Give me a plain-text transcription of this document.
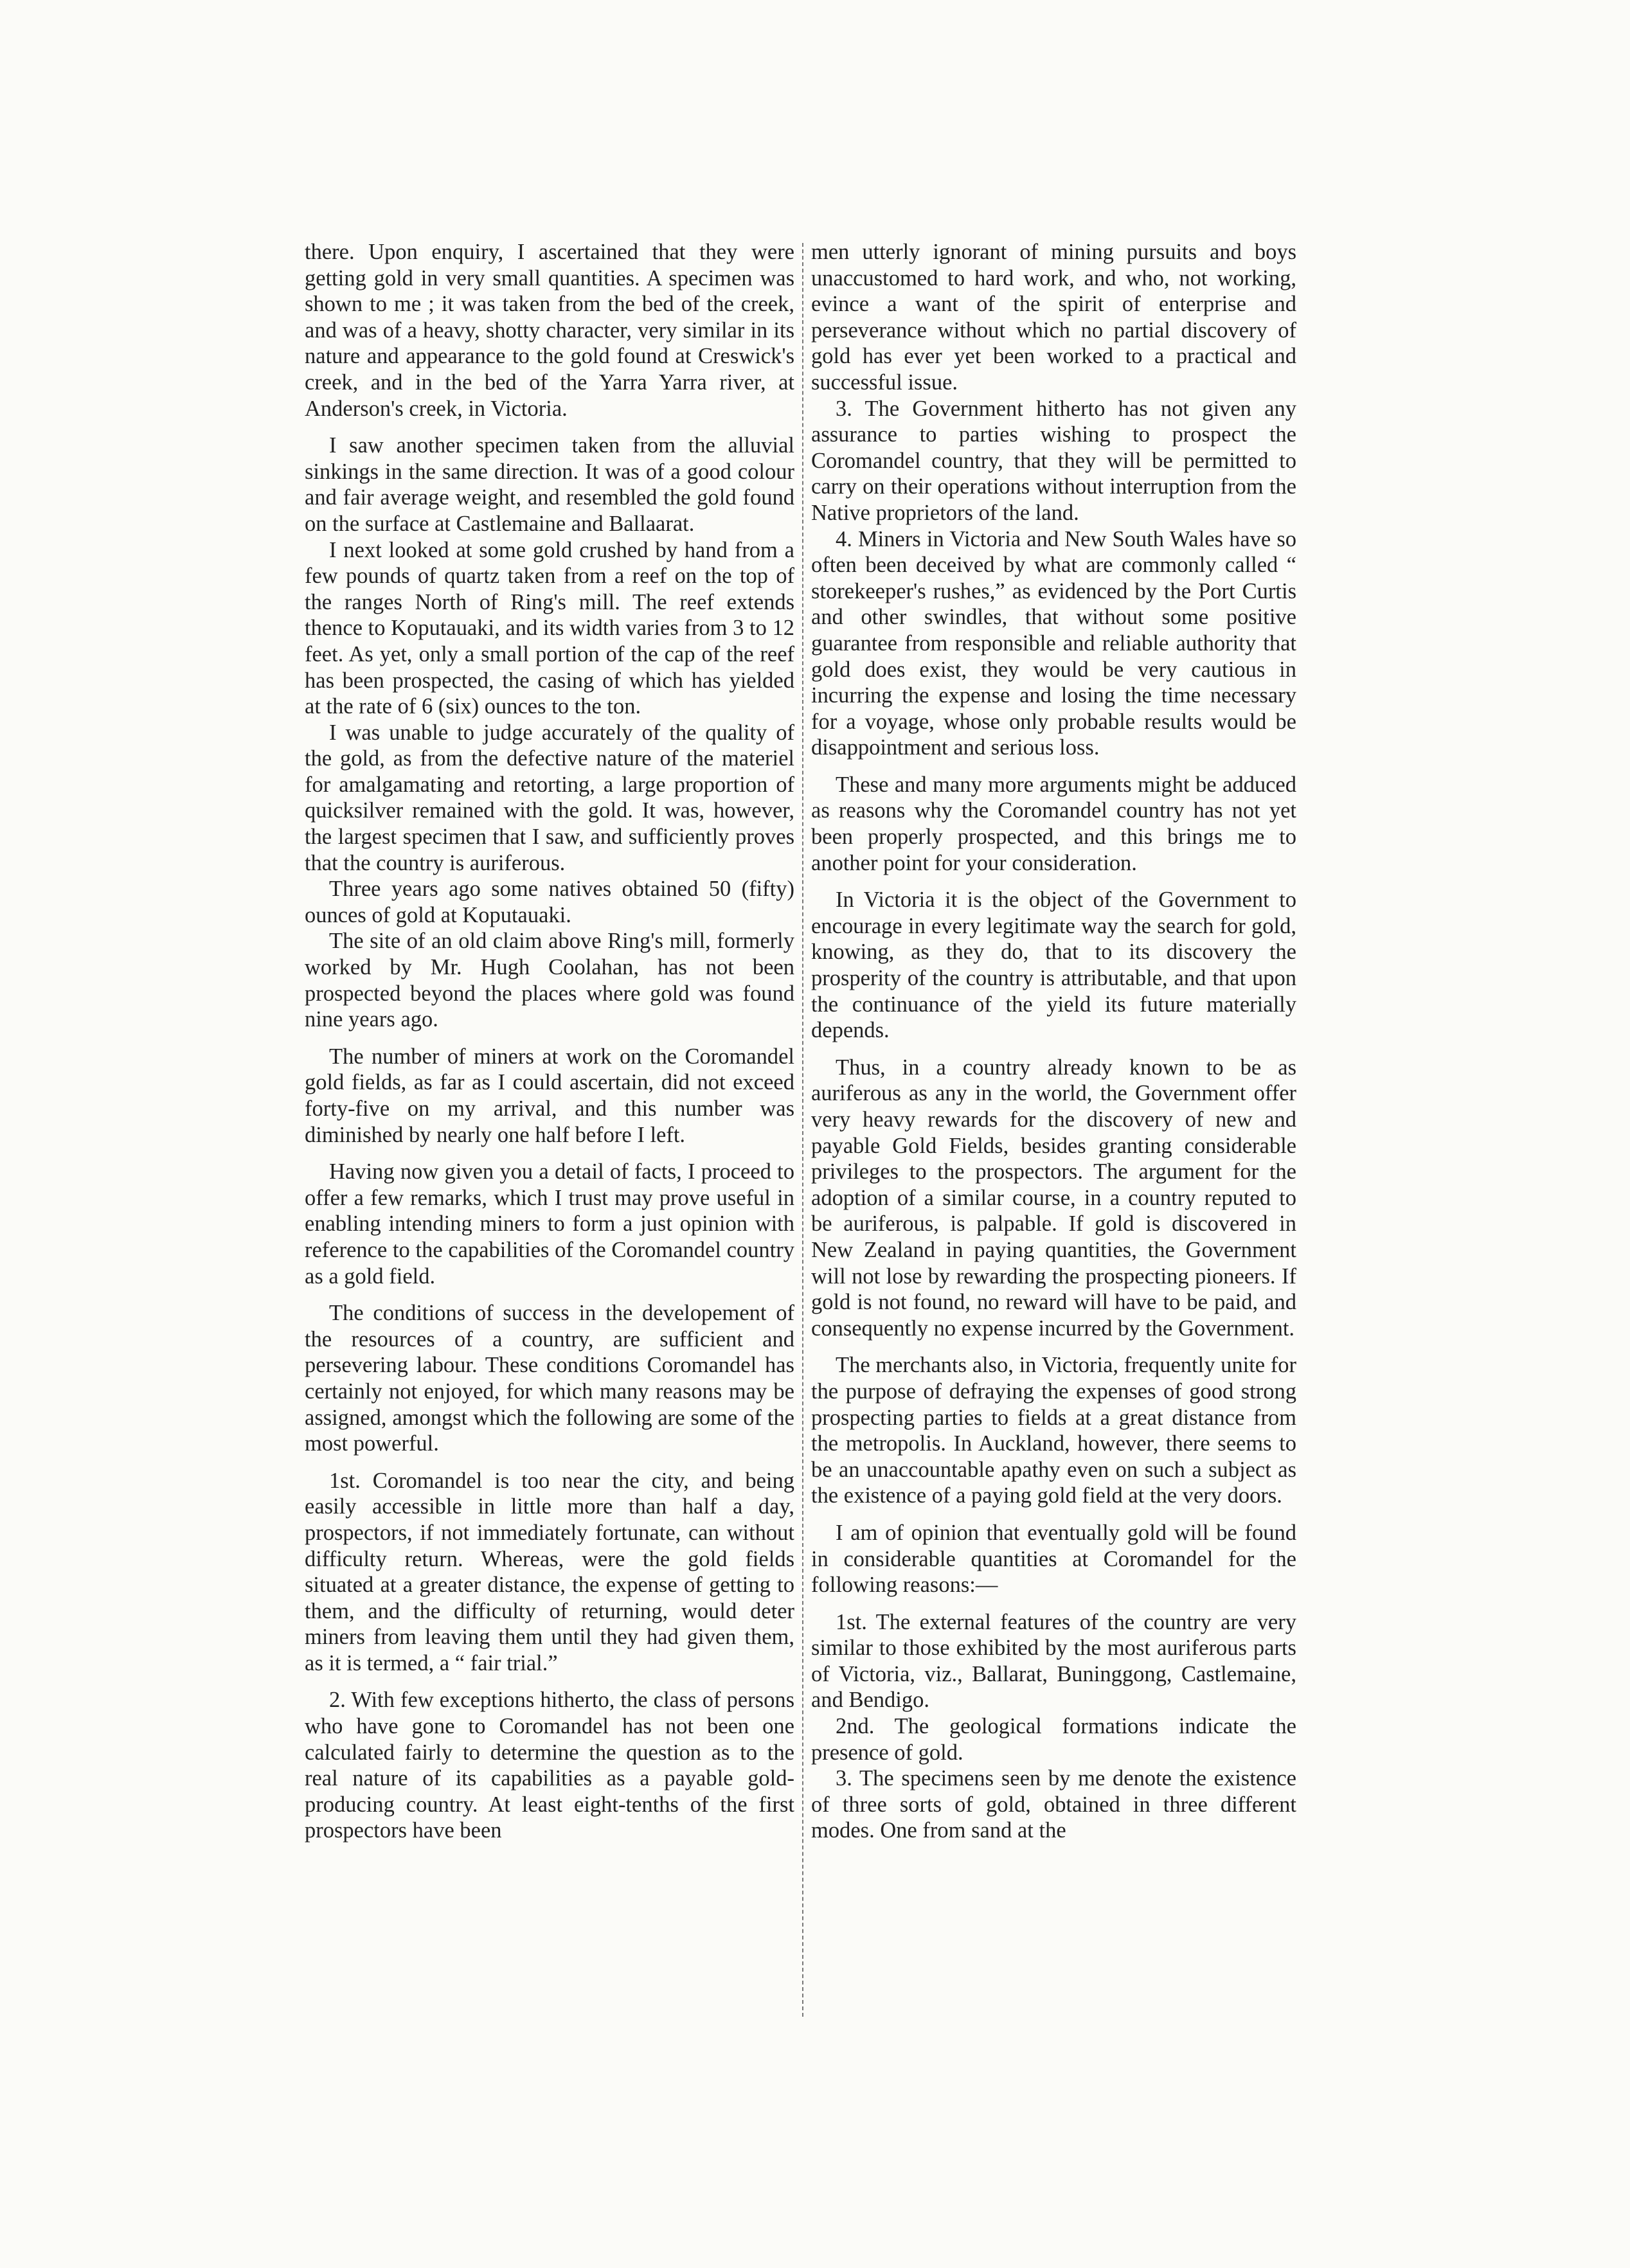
there. Upon enquiry, I ascertained that they were getting gold in very small quantities. A specimen was shown to me ; it was taken from the bed of the creek, and was of a heavy, shotty character, very similar in its nature and appearance to the gold found at Creswick's creek, and in the bed of the Yarra Yarra river, at Anderson's creek, in Victoria.

I saw another specimen taken from the alluvial sinkings in the same direction. It was of a good colour and fair average weight, and resembled the gold found on the surface at Castlemaine and Ballaarat.

I next looked at some gold crushed by hand from a few pounds of quartz taken from a reef on the top of the ranges North of Ring's mill. The reef extends thence to Koputauaki, and its width varies from 3 to 12 feet. As yet, only a small portion of the cap of the reef has been prospected, the casing of which has yielded at the rate of 6 (six) ounces to the ton.

I was unable to judge accurately of the quality of the gold, as from the defective nature of the materiel for amalgamating and retorting, a large proportion of quicksilver remained with the gold. It was, however, the largest specimen that I saw, and sufficiently proves that the country is auriferous.

Three years ago some natives obtained 50 (fifty) ounces of gold at Koputauaki.

The site of an old claim above Ring's mill, formerly worked by Mr. Hugh Coolahan, has not been prospected beyond the places where gold was found nine years ago.

The number of miners at work on the Coromandel gold fields, as far as I could ascertain, did not exceed forty-five on my arrival, and this number was diminished by nearly one half before I left.

Having now given you a detail of facts, I proceed to offer a few remarks, which I trust may prove useful in enabling intending miners to form a just opinion with reference to the capabilities of the Coromandel country as a gold field.

The conditions of success in the developement of the resources of a country, are sufficient and persevering labour. These conditions Coromandel has certainly not enjoyed, for which many reasons may be assigned, amongst which the following are some of the most powerful.

1st. Coromandel is too near the city, and being easily accessible in little more than half a day, prospectors, if not immediately fortunate, can without difficulty return. Whereas, were the gold fields situated at a greater distance, the expense of getting to them, and the difficulty of returning, would deter miners from leaving them until they had given them, as it is termed, a “ fair trial.”

2. With few exceptions hitherto, the class of persons who have gone to Coromandel has not been one calculated fairly to determine the question as to the real nature of its capabilities as a payable gold-producing country. At least eight-tenths of the first prospectors have been

men utterly ignorant of mining pursuits and boys unaccustomed to hard work, and who, not working, evince a want of the spirit of enterprise and perseverance without which no partial discovery of gold has ever yet been worked to a practical and successful issue.

3. The Government hitherto has not given any assurance to parties wishing to prospect the Coromandel country, that they will be permitted to carry on their operations without interruption from the Native proprietors of the land.

4. Miners in Victoria and New South Wales have so often been deceived by what are commonly called “ storekeeper's rushes,” as evidenced by the Port Curtis and other swindles, that without some positive guarantee from responsible and reliable authority that gold does exist, they would be very cautious in incurring the expense and losing the time necessary for a voyage, whose only probable results would be disappointment and serious loss.

These and many more arguments might be adduced as reasons why the Coromandel country has not yet been properly prospected, and this brings me to another point for your consideration.

In Victoria it is the object of the Government to encourage in every legitimate way the search for gold, knowing, as they do, that to its discovery the prosperity of the country is attributable, and that upon the continuance of the yield its future materially depends.

Thus, in a country already known to be as auriferous as any in the world, the Government offer very heavy rewards for the discovery of new and payable Gold Fields, besides granting considerable privileges to the prospectors. The argument for the adoption of a similar course, in a country reputed to be auriferous, is palpable. If gold is discovered in New Zealand in paying quantities, the Government will not lose by rewarding the prospecting pioneers. If gold is not found, no reward will have to be paid, and consequently no expense incurred by the Government.

The merchants also, in Victoria, frequently unite for the purpose of defraying the expenses of good strong prospecting parties to fields at a great distance from the metropolis. In Auckland, however, there seems to be an unaccountable apathy even on such a subject as the existence of a paying gold field at the very doors.

I am of opinion that eventually gold will be found in considerable quantities at Coromandel for the following reasons:—

1st. The external features of the country are very similar to those exhibited by the most auriferous parts of Victoria, viz., Ballarat, Buninggong, Castlemaine, and Bendigo.

2nd. The geological formations indicate the presence of gold.

3. The specimens seen by me denote the existence of three sorts of gold, obtained in three different modes. One from sand at the
